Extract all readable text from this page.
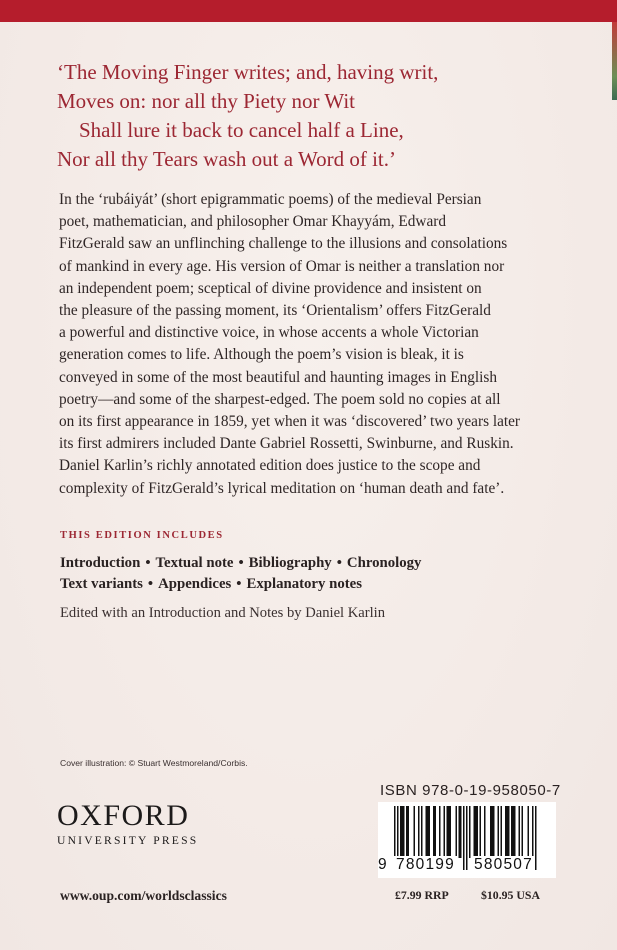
‘The Moving Finger writes; and, having writ,
Moves on: nor all thy Piety nor Wit
Shall lure it back to cancel half a Line,
Nor all thy Tears wash out a Word of it.’
In the ‘rubáiyát’ (short epigrammatic poems) of the medieval Persian
poet, mathematician, and philosopher Omar Khayyám, Edward
FitzGerald saw an unflinching challenge to the illusions and consolations
of mankind in every age. His version of Omar is neither a translation nor
an independent poem; sceptical of divine providence and insistent on
the pleasure of the passing moment, its ‘Orientalism’ offers FitzGerald
a powerful and distinctive voice, in whose accents a whole Victorian
generation comes to life. Although the poem’s vision is bleak, it is
conveyed in some of the most beautiful and haunting images in English
poetry—and some of the sharpest-edged. The poem sold no copies at all
on its first appearance in 1859, yet when it was ‘discovered’ two years later
its first admirers included Dante Gabriel Rossetti, Swinburne, and Ruskin.
Daniel Karlin’s richly annotated edition does justice to the scope and
complexity of FitzGerald’s lyrical meditation on ‘human death and fate’.
THIS EDITION INCLUDES
Introduction • Textual note • Bibliography • Chronology
Text variants • Appendices • Explanatory notes
Edited with an Introduction and Notes by Daniel Karlin
Cover illustration: © Stuart Westmoreland/Corbis.
OXFORD
UNIVERSITY PRESS
www.oup.com/worldsclassics
ISBN 978-0-19-958050-7
9 780199 580507
£7.99 RRP	$10.95 USA
